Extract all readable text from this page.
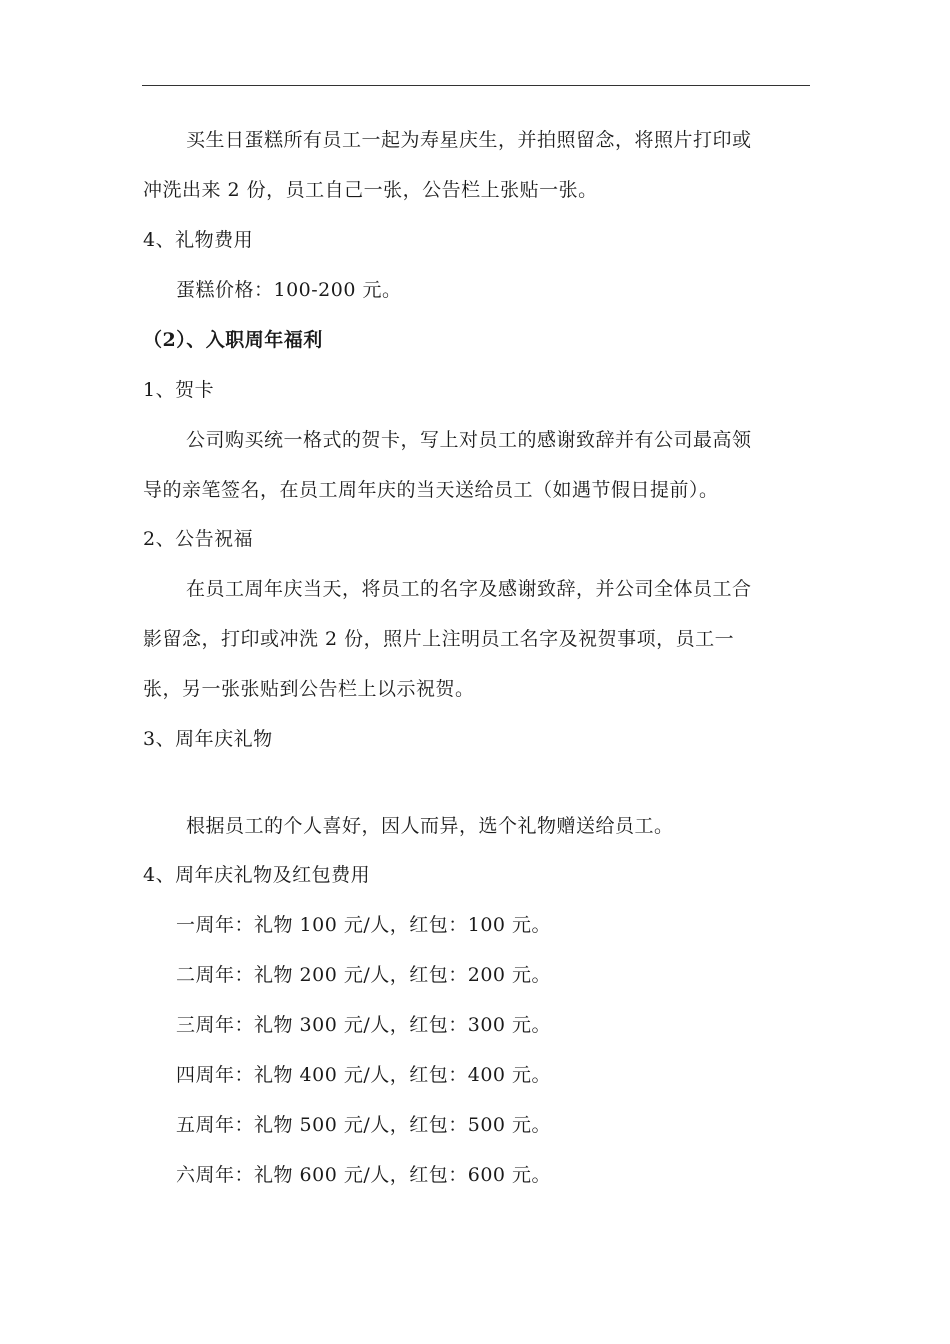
买生日蛋糕所有员工一起为寿星庆生，并拍照留念，将照片打印或
冲洗出来 2 份，员工自己一张，公告栏上张贴一张。
4、礼物费用
蛋糕价格：100-200 元。
（2）、入职周年福利
1、贺卡
公司购买统一格式的贺卡，写上对员工的感谢致辞并有公司最高领
导的亲笔签名，在员工周年庆的当天送给员工（如遇节假日提前）。
2、公告祝福
在员工周年庆当天，将员工的名字及感谢致辞，并公司全体员工合
影留念，打印或冲洗 2 份，照片上注明员工名字及祝贺事项，员工一
张，另一张张贴到公告栏上以示祝贺。
3、周年庆礼物
根据员工的个人喜好，因人而异，选个礼物赠送给员工。
4、周年庆礼物及红包费用
一周年：礼物 100 元/人，红包：100 元。
二周年：礼物 200 元/人，红包：200 元。
三周年：礼物 300 元/人，红包：300 元。
四周年：礼物 400 元/人，红包：400 元。
五周年：礼物 500 元/人，红包：500 元。
六周年：礼物 600 元/人，红包：600 元。
